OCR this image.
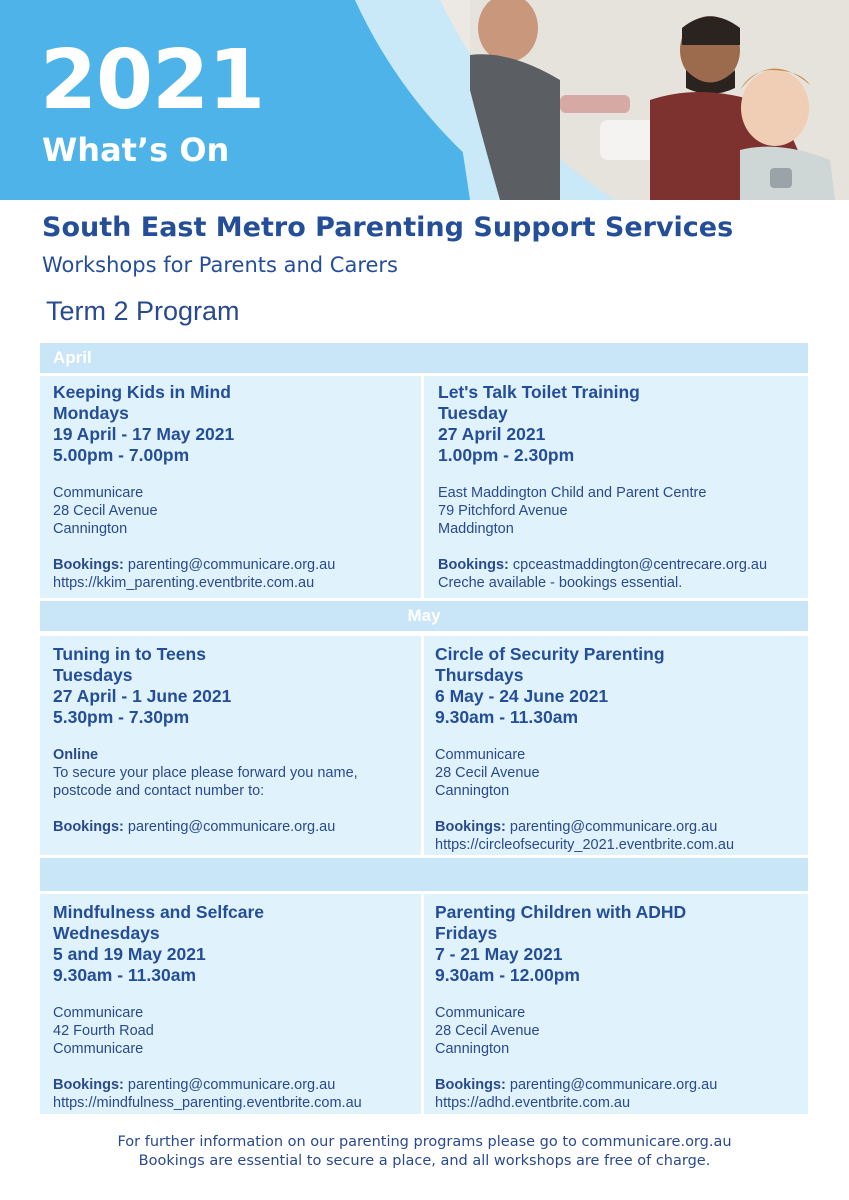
2021
What’s On
South East Metro Parenting Support Services
Workshops for Parents and Carers
Term 2 Program
April
Keeping Kids in Mind
Mondays
19 April - 17 May 2021
5.00pm - 7.00pm
Communicare
28 Cecil Avenue
Cannington
Bookings: parenting@communicare.org.au
https://kkim_parenting.eventbrite.com.au
Let's Talk Toilet Training
Tuesday
27 April 2021
1.00pm - 2.30pm
East Maddington Child and Parent Centre
79 Pitchford Avenue
Maddington
Bookings: cpceastmaddington@centrecare.org.au
Creche available - bookings essential.
May
Tuning in to Teens
Tuesdays
27 April - 1 June 2021
5.30pm - 7.30pm
Online
To secure your place please forward you name,
postcode and contact number to:
Bookings: parenting@communicare.org.au
Circle of Security Parenting
Thursdays
6 May - 24 June 2021
9.30am - 11.30am
Communicare
28 Cecil Avenue
Cannington
Bookings: parenting@communicare.org.au
https://circleofsecurity_2021.eventbrite.com.au
Mindfulness and Selfcare
Wednesdays
5 and 19 May 2021
9.30am - 11.30am
Communicare
42 Fourth Road
Communicare
Bookings: parenting@communicare.org.au
https://mindfulness_parenting.eventbrite.com.au
Parenting Children with ADHD
Fridays
7 - 21 May 2021
9.30am - 12.00pm
Communicare
28 Cecil Avenue
Cannington
Bookings: parenting@communicare.org.au
https://adhd.eventbrite.com.au
For further information on our parenting programs please go to communicare.org.au
Bookings are essential to secure a place, and all workshops are free of charge.
